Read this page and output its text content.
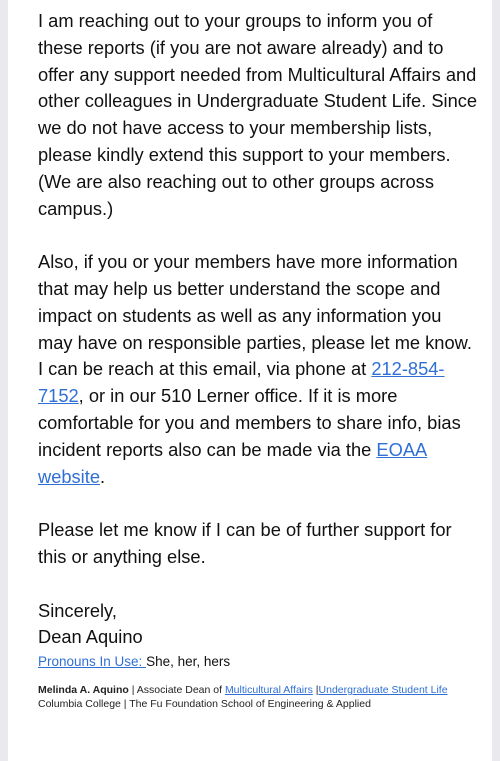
I am reaching out to your groups to inform you of these reports (if you are not aware already) and to offer any support needed from Multicultural Affairs and other colleagues in Undergraduate Student Life. Since we do not have access to your membership lists, please kindly extend this support to your members. (We are also reaching out to other groups across campus.)

Also, if you or your members have more information that may help us better understand the scope and impact on students as well as any information you may have on responsible parties, please let me know. I can be reach at this email, via phone at 212-854-7152, or in our 510 Lerner office. If it is more comfortable for you and members to share info, bias incident reports also can be made via the EOAA website.

Please let me know if I can be of further support for this or anything else.

Sincerely,
Dean Aquino
Pronouns In Use: She, her, hers
Melinda A. Aquino | Associate Dean of Multicultural Affairs |Undergraduate Student Life
Columbia College | The Fu Foundation School of Engineering & Applied
